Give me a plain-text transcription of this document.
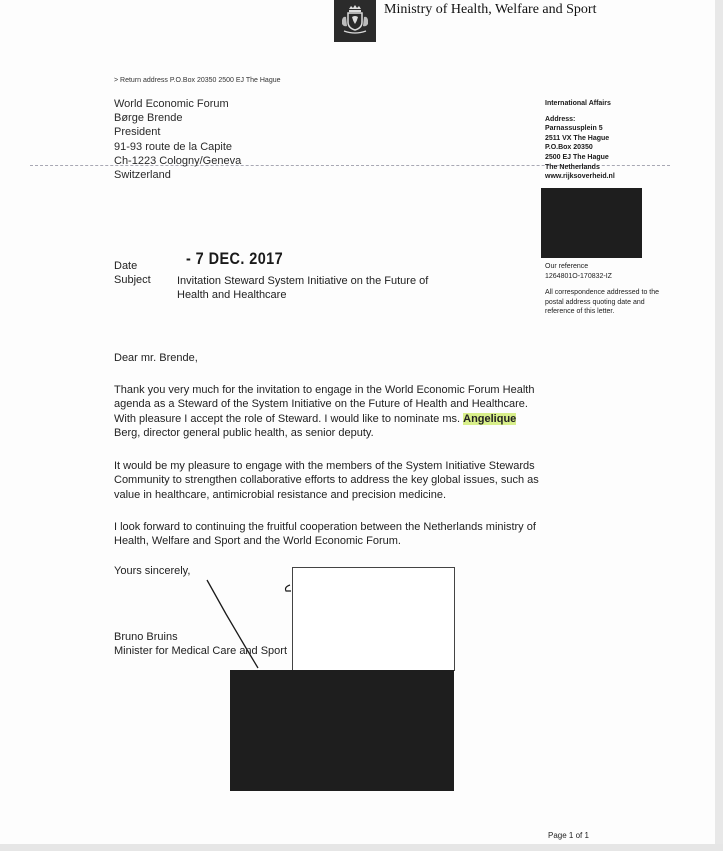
Ministry of Health, Welfare and Sport
> Return address P.O.Box 20350 2500 EJ The Hague
World Economic Forum
Børge Brende
President
91-93 route de la Capite
Ch-1223 Cologny/Geneva
Switzerland
International Affairs
Address:
Parnassusplein 5
2511 VX The Hague
P.O.Box 20350
2500 EJ The Hague
The Netherlands
www.rijksoverheid.nl
Our reference
1264801O-170832-IZ
All correspondence addressed to the postal address quoting date and reference of this letter.
Date	- 7 DEC. 2017
Subject Invitation Steward System Initiative on the Future of
Health and Healthcare
Dear mr. Brende,

Thank you very much for the invitation to engage in the World Economic Forum Health agenda as a Steward of the System Initiative on the Future of Health and Healthcare. With pleasure I accept the role of Steward. I would like to nominate ms. Angelique Berg, director general public health, as senior deputy.

It would be my pleasure to engage with the members of the System Initiative Stewards Community to strengthen collaborative efforts to address the key global issues, such as value in healthcare, antimicrobial resistance and precision medicine.

I look forward to continuing the fruitful cooperation between the Netherlands ministry of Health, Welfare and Sport and the World Economic Forum.

Yours sincerely,
Bruno Bruins
Minister for Medical Care and Sport
Page 1 of 1
